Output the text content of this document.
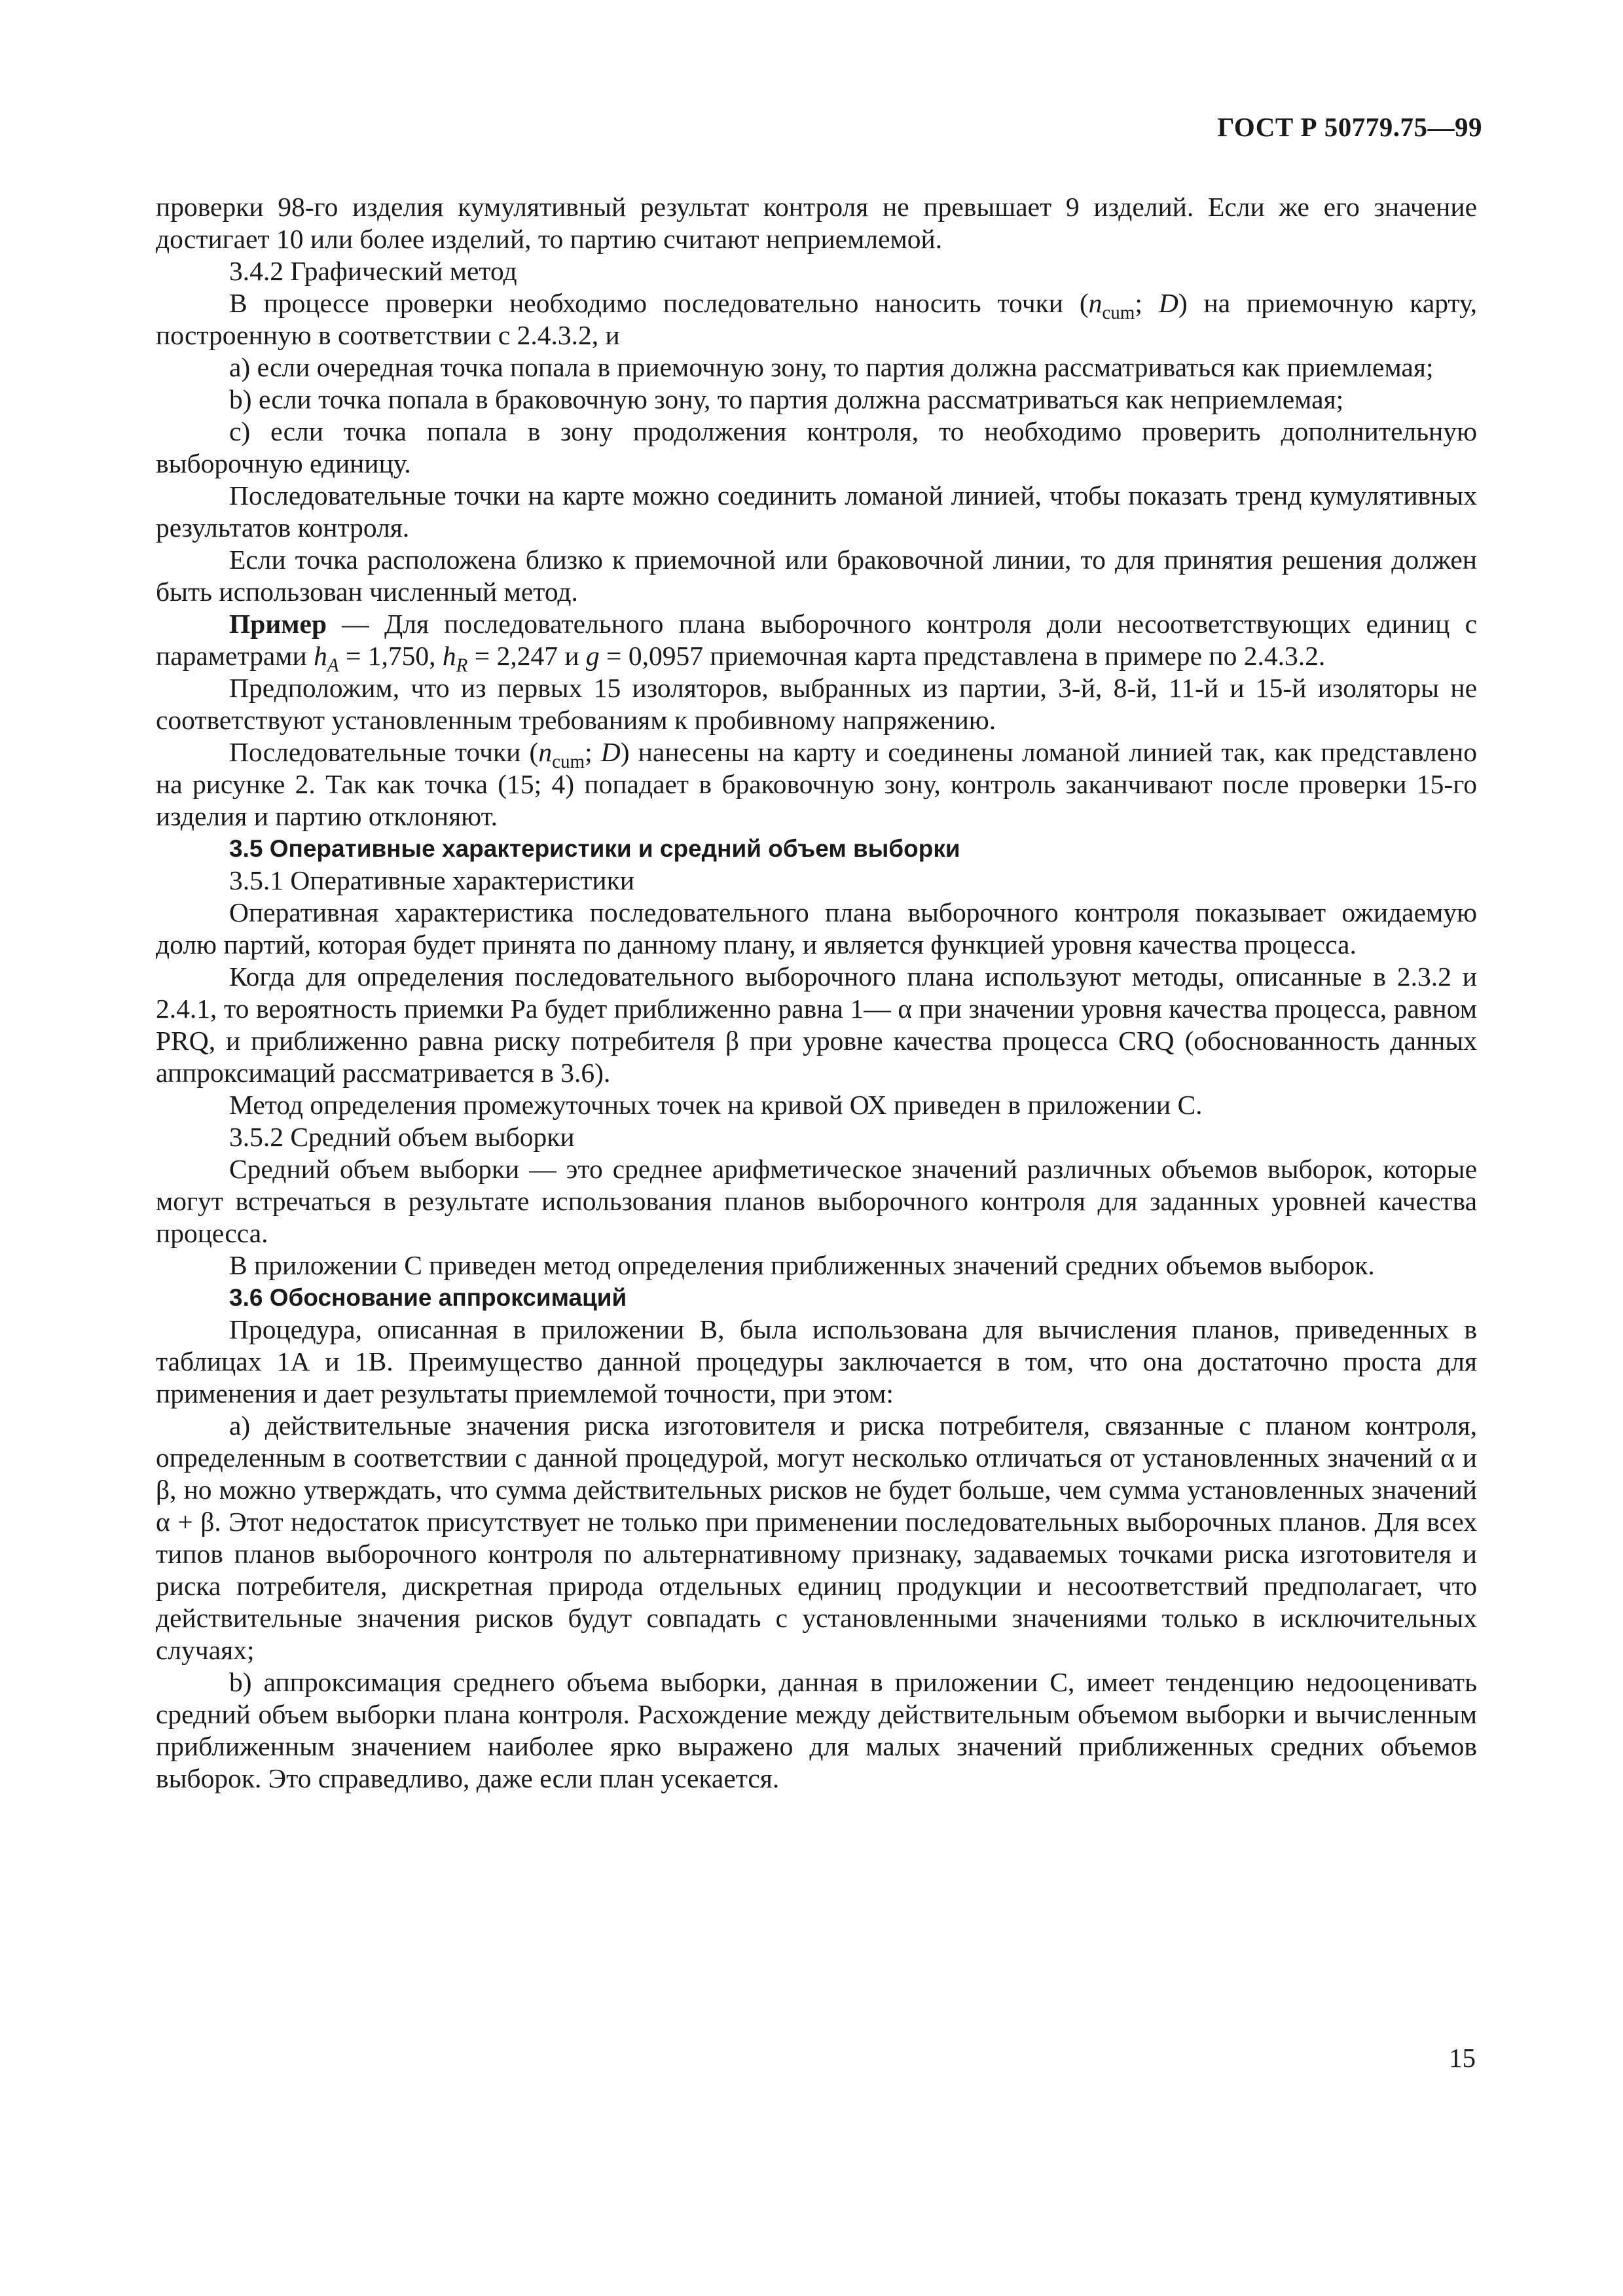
ГОСТ Р 50779.75—99

проверки 98-го изделия кумулятивный результат контроля не превышает 9 изделий. Если же его значение достигает 10 или более изделий, то партию считают неприемлемой.

3.4.2 Графический метод

В процессе проверки необходимо последовательно наносить точки ($n_{cum}$; D) на приемочную карту, построенную в соответствии с 2.4.3.2, и

a) если очередная точка попала в приемочную зону, то партия должна рассматриваться как приемлемая;

b) если точка попала в браковочную зону, то партия должна рассматриваться как неприемлемая;

c) если точка попала в зону продолжения контроля, то необходимо проверить дополнительную выборочную единицу.

Последовательные точки на карте можно соединить ломаной линией, чтобы показать тренд кумулятивных результатов контроля.

Если точка расположена близко к приемочной или браковочной линии, то для принятия решения должен быть использован численный метод.

Пример — Для последовательного плана выборочного контроля доли несоответствующих единиц с параметрами $h_A = 1,750$, $h_R = 2,247$ и g = 0,0957 приемочная карта представлена в примере по 2.4.3.2.

Предположим, что из первых 15 изоляторов, выбранных из партии, 3-й, 8-й, 11-й и 15-й изоляторы не соответствуют установленным требованиям к пробивному напряжению.

Последовательные точки ($n_{cum}$; D) нанесены на карту и соединены ломаной линией так, как представлено на рисунке 2. Так как точка (15; 4) попадает в браковочную зону, контроль заканчивают после проверки 15-го изделия и партию отклоняют.

3.5 Оперативные характеристики и средний объем выборки

3.5.1 Оперативные характеристики

Оперативная характеристика последовательного плана выборочного контроля показывает ожидаемую долю партий, которая будет принята по данному плану, и является функцией уровня качества процесса.

Когда для определения последовательного выборочного плана используют методы, описанные в 2.3.2 и 2.4.1, то вероятность приемки Pa будет приближенно равна 1— α при значении уровня качества процесса, равном PRQ, и приближенно равна риску потребителя β при уровне качества процесса CRQ (обоснованность данных аппроксимаций рассматривается в 3.6).

Метод определения промежуточных точек на кривой ОХ приведен в приложении С.

3.5.2 Средний объем выборки

Средний объем выборки — это среднее арифметическое значений различных объемов выборок, которые могут встречаться в результате использования планов выборочного контроля для заданных уровней качества процесса.

В приложении С приведен метод определения приближенных значений средних объемов выборок.

3.6 Обоснование аппроксимаций

Процедура, описанная в приложении В, была использована для вычисления планов, приведенных в таблицах 1А и 1В. Преимущество данной процедуры заключается в том, что она достаточно проста для применения и дает результаты приемлемой точности, при этом:

a) действительные значения риска изготовителя и риска потребителя, связанные с планом контроля, определенным в соответствии с данной процедурой, могут несколько отличаться от установленных значений α и β, но можно утверждать, что сумма действительных рисков не будет больше, чем сумма установленных значений α + β. Этот недостаток присутствует не только при применении последовательных выборочных планов. Для всех типов планов выборочного контроля по альтернативному признаку, задаваемых точками риска изготовителя и риска потребителя, дискретная природа отдельных единиц продукции и несоответствий предполагает, что действительные значения рисков будут совпадать с установленными значениями только в исключительных случаях;

b) аппроксимация среднего объема выборки, данная в приложении С, имеет тенденцию недооценивать средний объем выборки плана контроля. Расхождение между действительным объемом выборки и вычисленным приближенным значением наиболее ярко выражено для малых значений приближенных средних объемов выборок. Это справедливо, даже если план усекается.

15
